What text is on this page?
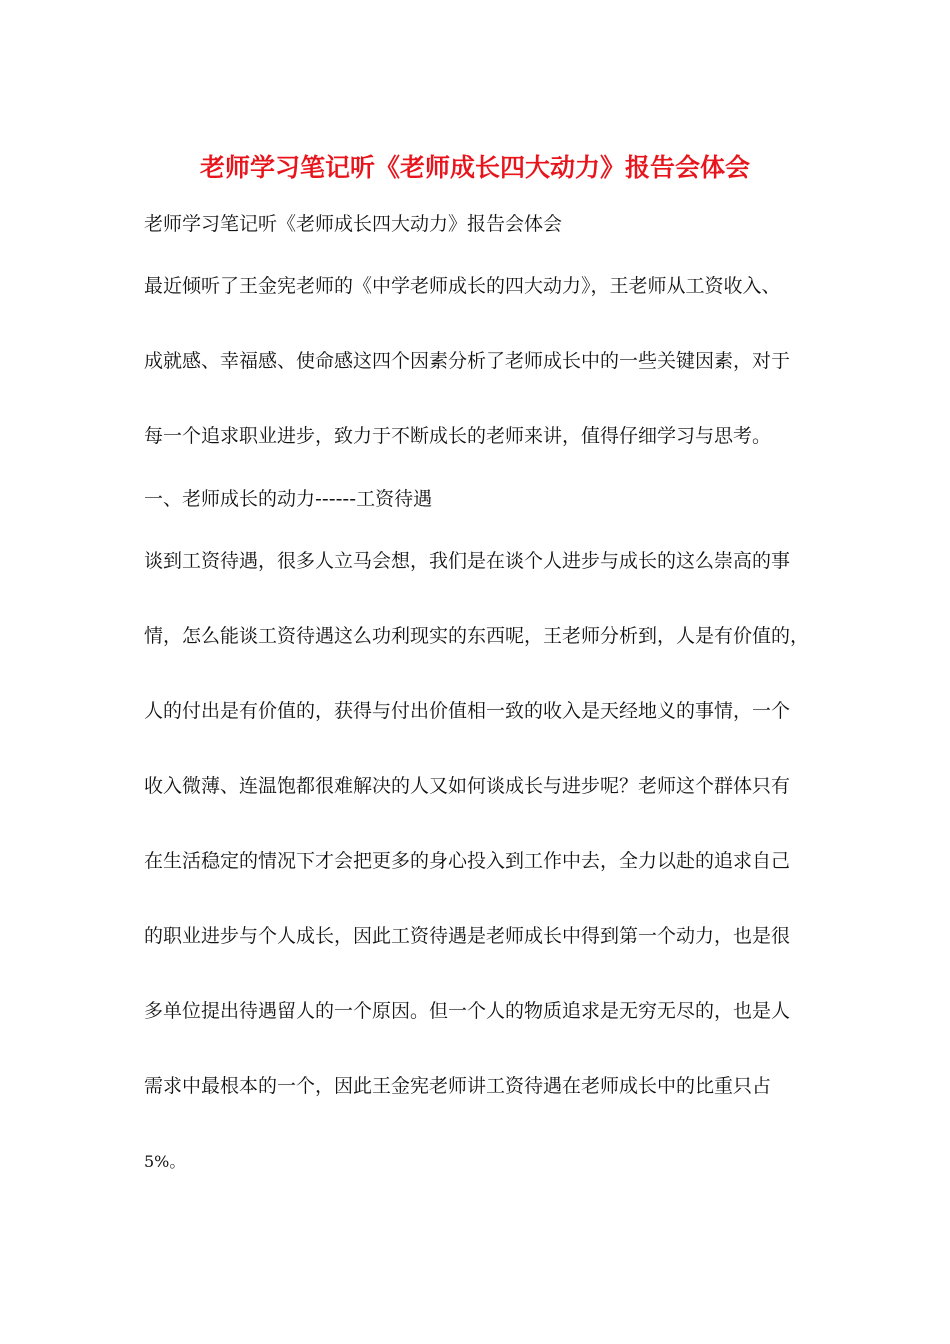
老师学习笔记听《老师成长四大动力》报告会体会
老师学习笔记听《老师成长四大动力》报告会体会
最近倾听了王金宪老师的《中学老师成长的四大动力》，王老师从工资收入、
成就感、幸福感、使命感这四个因素分析了老师成长中的一些关键因素，对于
每一个追求职业进步，致力于不断成长的老师来讲，值得仔细学习与思考。
一、老师成长的动力------工资待遇
谈到工资待遇，很多人立马会想，我们是在谈个人进步与成长的这么崇高的事
情，怎么能谈工资待遇这么功利现实的东西呢，王老师分析到，人是有价值的，
人的付出是有价值的，获得与付出价值相一致的收入是天经地义的事情，一个
收入微薄、连温饱都很难解决的人又如何谈成长与进步呢？老师这个群体只有
在生活稳定的情况下才会把更多的身心投入到工作中去，全力以赴的追求自己
的职业进步与个人成长，因此工资待遇是老师成长中得到第一个动力，也是很
多单位提出待遇留人的一个原因。但一个人的物质追求是无穷无尽的，也是人
需求中最根本的一个，因此王金宪老师讲工资待遇在老师成长中的比重只占
5%。
